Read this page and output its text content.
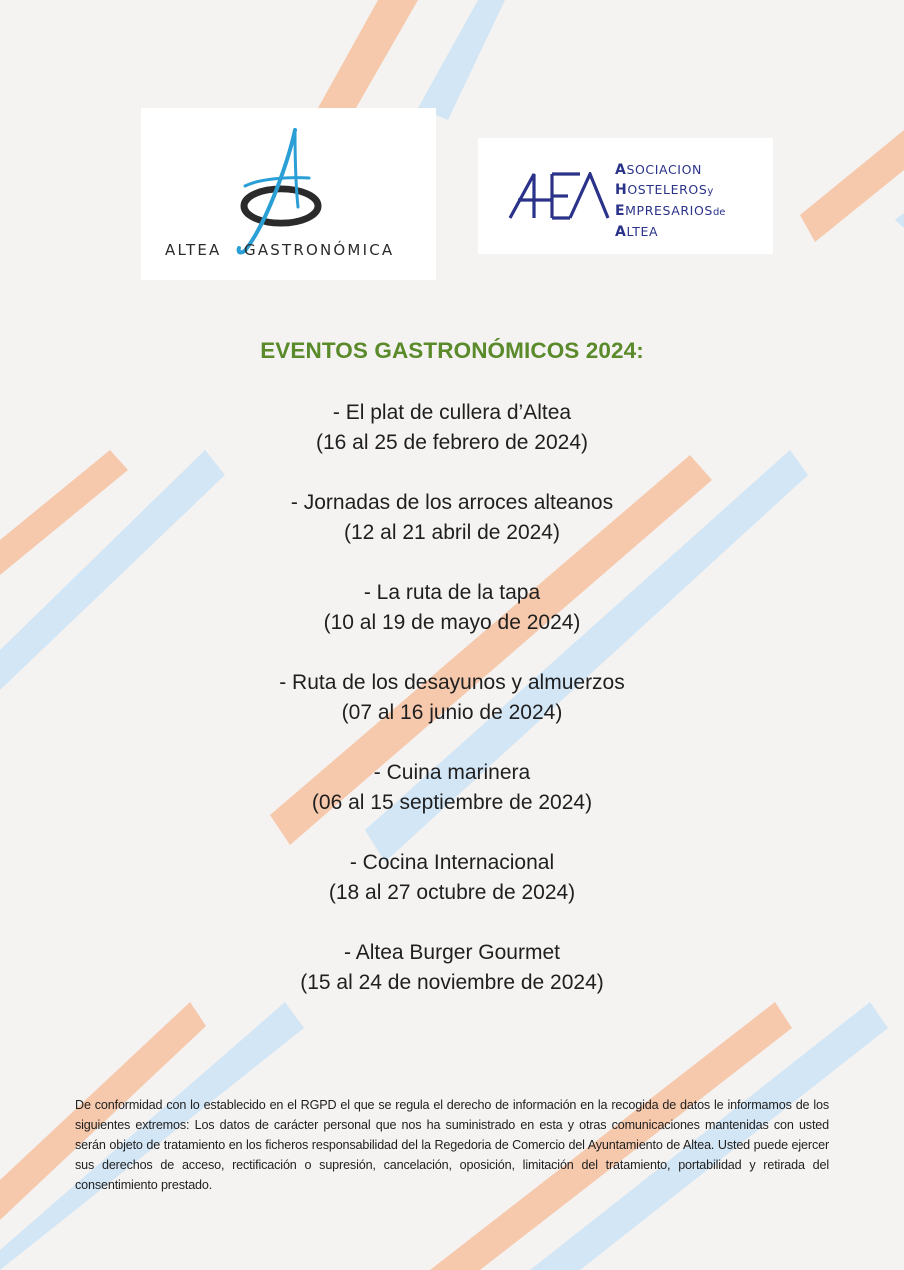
ALTEA GASTRONÓMICA
ASOCIACION
HOSTELEROSy
EMPRESARIOSde
ALTEA
EVENTOS GASTRONÓMICOS 2024:
- El plat de cullera d’Altea
(16 al 25 de febrero de 2024)
- Jornadas de los arroces alteanos
(12 al 21 abril de 2024)
- La ruta de la tapa
(10 al 19 de mayo de 2024)
- Ruta de los desayunos y almuerzos
(07 al 16 junio de 2024)
- Cuina marinera
(06 al 15 septiembre de 2024)
- Cocina Internacional
(18 al 27 octubre de 2024)
- Altea Burger Gourmet
(15 al 24 de noviembre de 2024)

De conformidad con lo establecido en el RGPD el que se regula el derecho de información en la recogida de datos le informamos de los siguientes extremos: Los datos de carácter personal que nos ha suministrado en esta y otras comunicaciones mantenidas con usted serán objeto de tratamiento en los ficheros responsabilidad del la Regedoria de Comercio del Ayuntamiento de Altea. Usted puede ejercer sus derechos de acceso, rectificación o supresión, cancelación, oposición, limitación del tratamiento, portabilidad y retirada del consentimiento prestado.
